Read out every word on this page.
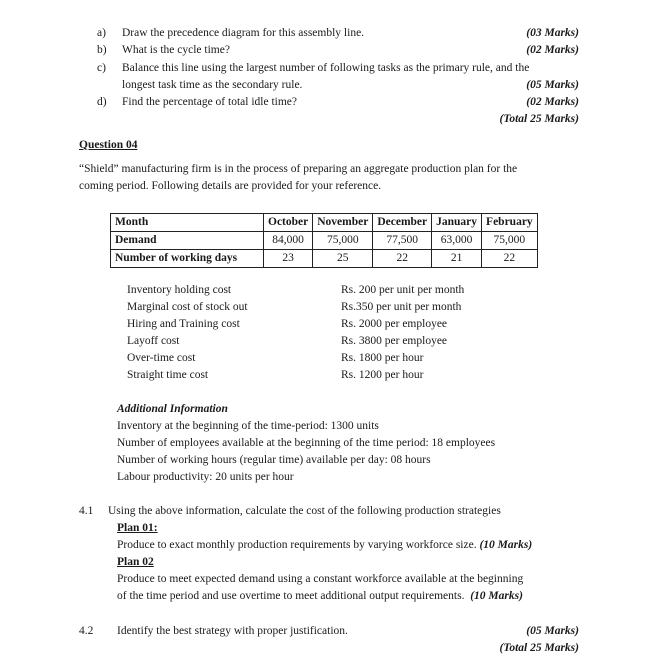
a) Draw the precedence diagram for this assembly line.	(03 Marks)
b) What is the cycle time?	(02 Marks)
c) Balance this line using the largest number of following tasks as the primary rule, and the
longest task time as the secondary rule.	(05 Marks)
d) Find the percentage of total idle time?	(02 Marks)
(Total 25 Marks)
Question 04
“Shield” manufacturing firm is in the process of preparing an aggregate production plan for the
coming period. Following details are provided for your reference.
Month	October	November	December	January	February
Demand	84,000	75,000	77,500	63,000	75,000
Number of working days	23	25	22	21	22
Inventory holding cost	Rs. 200 per unit per month
Marginal cost of stock out	Rs.350 per unit per month
Hiring and Training cost	Rs. 2000 per employee
Layoff cost	Rs. 3800 per employee
Over-time cost	Rs. 1800 per hour
Straight time cost	Rs. 1200 per hour
Additional Information
Inventory at the beginning of the time-period: 1300 units
Number of employees available at the beginning of the time period: 18 employees
Number of working hours (regular time) available per day: 08 hours
Labour productivity: 20 units per hour
4.1 Using the above information, calculate the cost of the following production strategies
Plan 01:
Produce to exact monthly production requirements by varying workforce size. (10 Marks)
Plan 02
Produce to meet expected demand using a constant workforce available at the beginning
of the time period and use overtime to meet additional output requirements. (10 Marks)
4.2 Identify the best strategy with proper justification.	(05 Marks)
(Total 25 Marks)
